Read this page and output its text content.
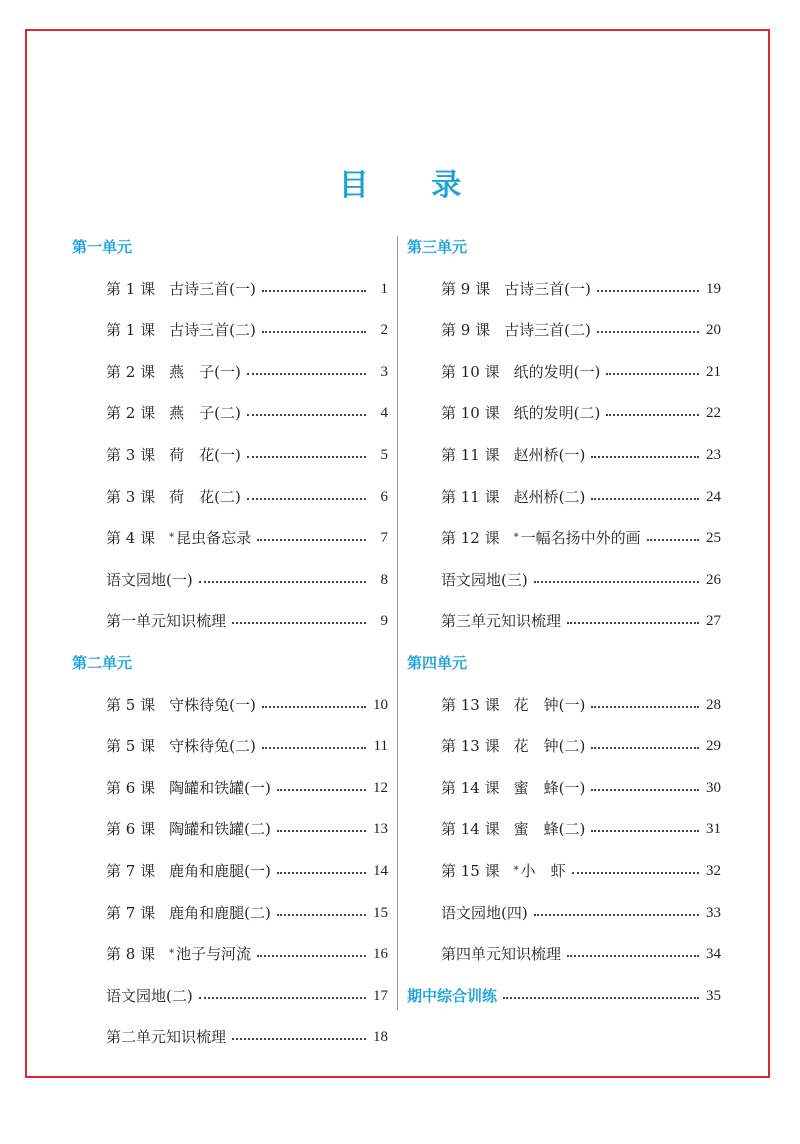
目 录
第一单元
第 1 课 古诗三首(一)	1
第 1 课 古诗三首(二)	2
第 2 课 燕　子(一)	3
第 2 课 燕　子(二)	4
第 3 课 荷　花(一)	5
第 3 课 荷　花(二)	6
第 4 课 * 昆虫备忘录	7
语文园地(一)	8
第一单元知识梳理	9
第二单元
第 5 课 守株待兔(一)	10
第 5 课 守株待兔(二)	11
第 6 课 陶罐和铁罐(一)	12
第 6 课 陶罐和铁罐(二)	13
第 7 课 鹿角和鹿腿(一)	14
第 7 课 鹿角和鹿腿(二)	15
第 8 课 * 池子与河流	16
语文园地(二)	17
第二单元知识梳理	18
第三单元
第 9 课 古诗三首(一)	19
第 9 课 古诗三首(二)	20
第 10 课 纸的发明(一)	21
第 10 课 纸的发明(二)	22
第 11 课 赵州桥(一)	23
第 11 课 赵州桥(二)	24
第 12 课 * 一幅名扬中外的画	25
语文园地(三)	26
第三单元知识梳理	27
第四单元
第 13 课 花　钟(一)	28
第 13 课 花　钟(二)	29
第 14 课 蜜　蜂(一)	30
第 14 课 蜜　蜂(二)	31
第 15 课 * 小　虾	32
语文园地(四)	33
第四单元知识梳理	34
期中综合训练	35
